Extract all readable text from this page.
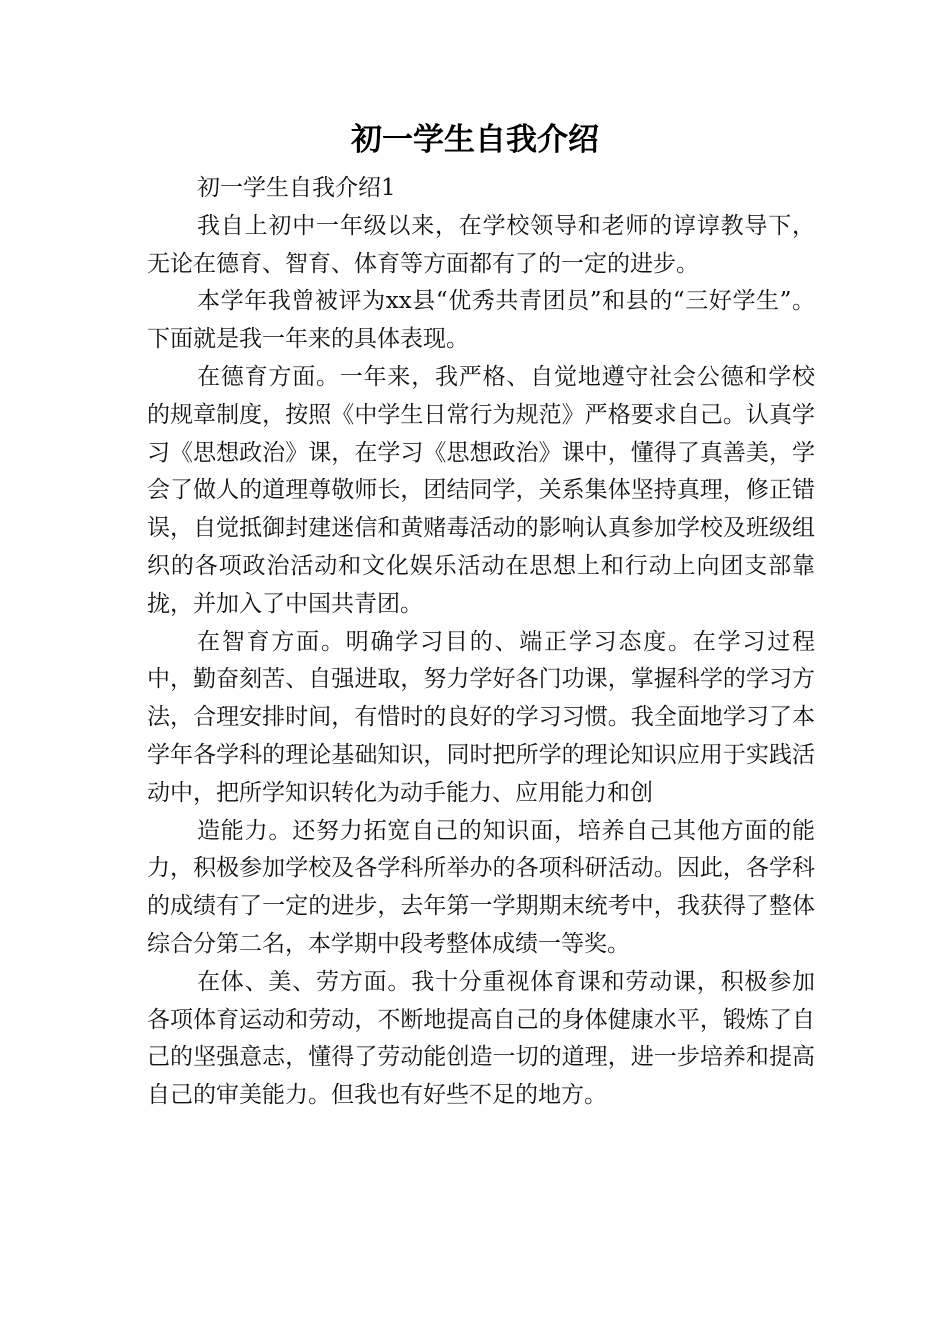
初一学生自我介绍

初一学生自我介绍1

我自上初中一年级以来，在学校领导和老师的谆谆教导下，无论在德育、智育、体育等方面都有了的一定的进步。

本学年我曾被评为xx县“优秀共青团员”和县的“三好学生”。下面就是我一年来的具体表现。

在德育方面。一年来，我严格、自觉地遵守社会公德和学校的规章制度，按照《中学生日常行为规范》严格要求自己。认真学习《思想政治》课，在学习《思想政治》课中，懂得了真善美，学会了做人的道理尊敬师长，团结同学，关系集体坚持真理，修正错误，自觉抵御封建迷信和黄赌毒活动的影响认真参加学校及班级组织的各项政治活动和文化娱乐活动在思想上和行动上向团支部靠拢，并加入了中国共青团。

在智育方面。明确学习目的、端正学习态度。在学习过程中，勤奋刻苦、自强进取，努力学好各门功课，掌握科学的学习方法，合理安排时间，有惜时的良好的学习习惯。我全面地学习了本学年各学科的理论基础知识，同时把所学的理论知识应用于实践活动中，把所学知识转化为动手能力、应用能力和创

造能力。还努力拓宽自己的知识面，培养自己其他方面的能力，积极参加学校及各学科所举办的各项科研活动。因此，各学科的成绩有了一定的进步，去年第一学期期末统考中，我获得了整体综合分第二名，本学期中段考整体成绩一等奖。

在体、美、劳方面。我十分重视体育课和劳动课，积极参加各项体育运动和劳动，不断地提高自己的身体健康水平，锻炼了自己的坚强意志，懂得了劳动能创造一切的道理，进一步培养和提高自己的审美能力。但我也有好些不足的地方。
